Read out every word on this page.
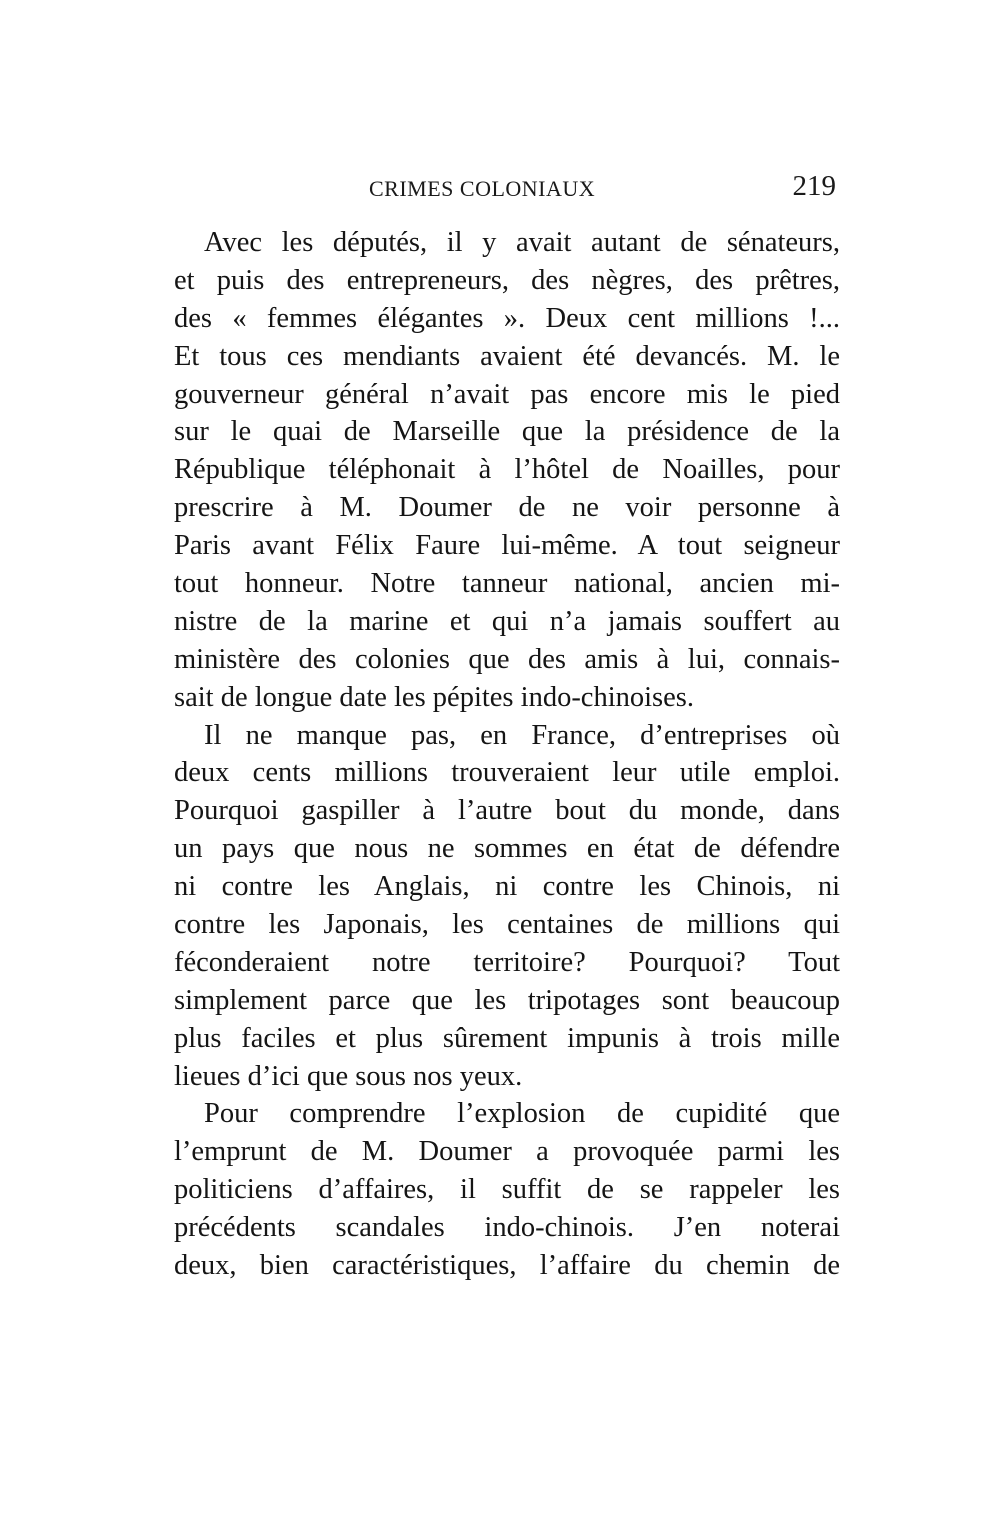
CRIMES COLONIAUX	219

Avec les députés, il y avait autant de sénateurs,
et puis des entrepreneurs, des nègres, des prêtres,
des « femmes élégantes ». Deux cent millions !...
Et tous ces mendiants avaient été devancés. M. le
gouverneur général n’avait pas encore mis le pied
sur le quai de Marseille que la présidence de la
République téléphonait à l’hôtel de Noailles, pour
prescrire à M. Doumer de ne voir personne à
Paris avant Félix Faure lui-même. A tout seigneur
tout honneur. Notre tanneur national, ancien mi-
nistre de la marine et qui n’a jamais souffert au
ministère des colonies que des amis à lui, connais-
sait de longue date les pépites indo-chinoises.

Il ne manque pas, en France, d’entreprises où
deux cents millions trouveraient leur utile emploi.
Pourquoi gaspiller à l’autre bout du monde, dans
un pays que nous ne sommes en état de défendre
ni contre les Anglais, ni contre les Chinois, ni
contre les Japonais, les centaines de millions qui
féconderaient notre territoire? Pourquoi? Tout
simplement parce que les tripotages sont beaucoup
plus faciles et plus sûrement impunis à trois mille
lieues d’ici que sous nos yeux.

Pour comprendre l’explosion de cupidité que
l’emprunt de M. Doumer a provoquée parmi les
politiciens d’affaires, il suffit de se rappeler les
précédents scandales indo-chinois. J’en noterai
deux, bien caractéristiques, l’affaire du chemin de
